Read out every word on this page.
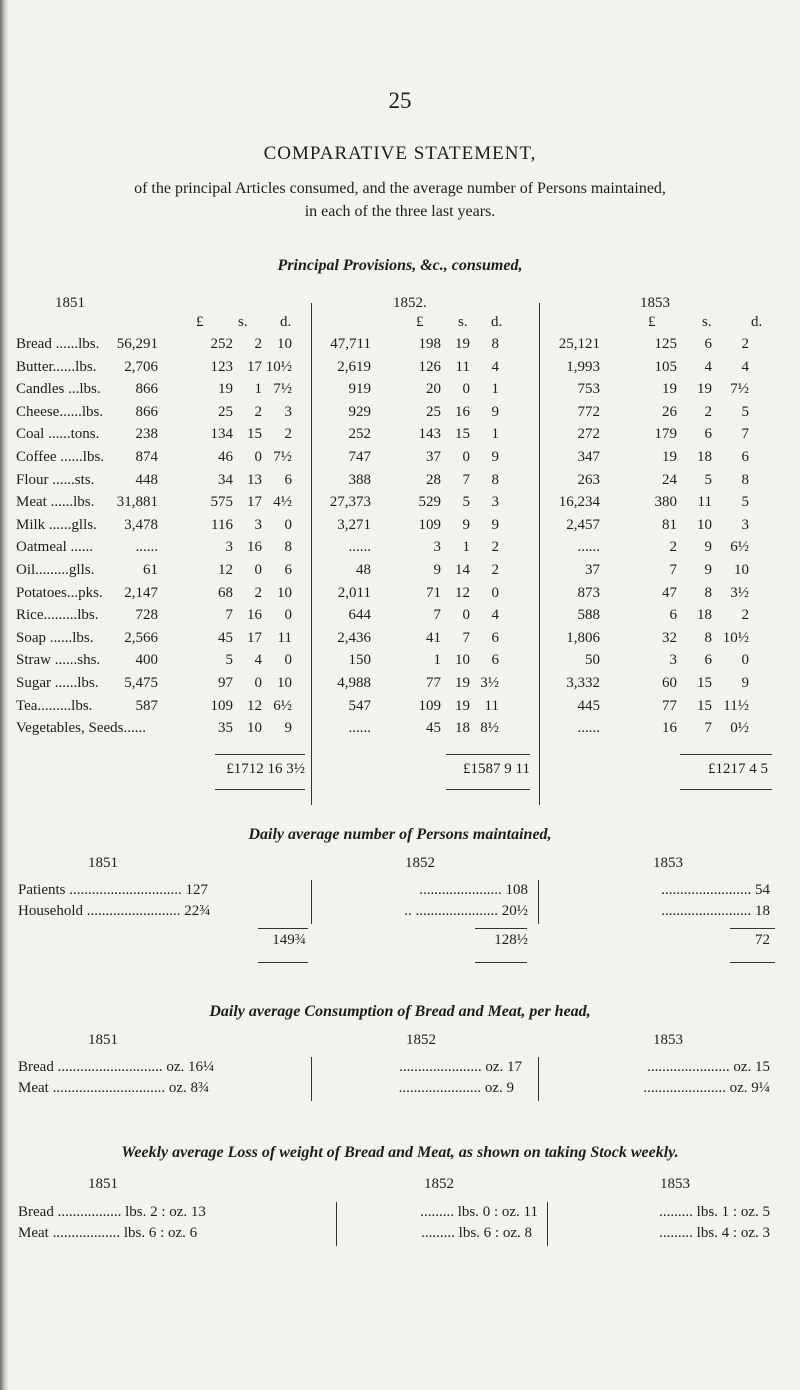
25
COMPARATIVE STATEMENT,
of the principal Articles consumed, and the average number of Persons maintained,
in each of the three last years.
Principal Provisions, &c., consumed,
1851	1852.	1853
£ s. d.	£ s. d.	£	s.	d.
Bread ......lbs. 56,291	252 2 10	47,711	198 19 8	25,121	125 6 2
Butter......lbs. 2,706	123 17 10½	2,619	126 11 4	1,993	105 4 4
Candles ...lbs. 866	19 1 7½	919	20 0 1	753	19 19 7½
Cheese......lbs. 866	25 2 3	929	25 16 9	772	26 2 5
Coal ......tons. 238	134 15 2	252	143 15 1	272	179 6 7
Coffee ......lbs. 874	46 0 7½	747	37 0 9	347	19 18 6
Flour ......sts.	448	34 13 6	388	28 7 8	263	24 5 8
Meat ......lbs. 31,881	575 17 4½	27,373	529 5 3	16,234	380 11 5
Milk ......glls. 3,478	116 3 0	3,271	109 9 9	2,457	81 10 3
Oatmeal ......	......	3 16 8	......	3 1 2	......	2 9 6½
Oil.........glls.	61	12 0 6	48	9 14 2	37	7 9 10
Potatoes...pks. 2,147	68 2 10	2,011	71 12 0	873	47 8 3½
Rice.........lbs. 728	7 16 0	644	7 0 4	588	6 18 2
Soap ......lbs. 2,566	45 17 11	2,436	41 7 6	1,806	32 8 10½
Straw ......shs. 400	5 4 0	150	1 10 6	50	3 6 0
Sugar ......lbs. 5,475	97 0 10	4,988	77 19 3½	3,332	60 15 9
Tea.........lbs.	587	109 12 6½	547	109 19 11	445	77 15 11½
Vegetables, Seeds......	35 10 9	......	45 18 8½	......	16 7 0½
£1712 16 3½	£1587 9 11	£1217 4 5
Daily average number of Persons maintained,
1851	1852	1853
Patients .............................. 127	...................... 108	........................ 54
Household ......................... 22¾	.. ...................... 20½	........................ 18
149¾	128½	72
Daily average Consumption of Bread and Meat, per head,
1851	1852	1853
Bread ............................ oz. 16¼	...................... oz. 17	...................... oz. 15
Meat .............................. oz. 8¾	...................... oz. 9	...................... oz. 9¼
Weekly average Loss of weight of Bread and Meat, as shown on taking Stock weekly.
1851	1852	1853
Bread ................. lbs. 2 : oz. 13	......... lbs. 0 : oz. 11	......... lbs. 1 : oz. 5
Meat .................. lbs. 6 : oz. 6	......... lbs. 6 : oz. 8	......... lbs. 4 : oz. 3
